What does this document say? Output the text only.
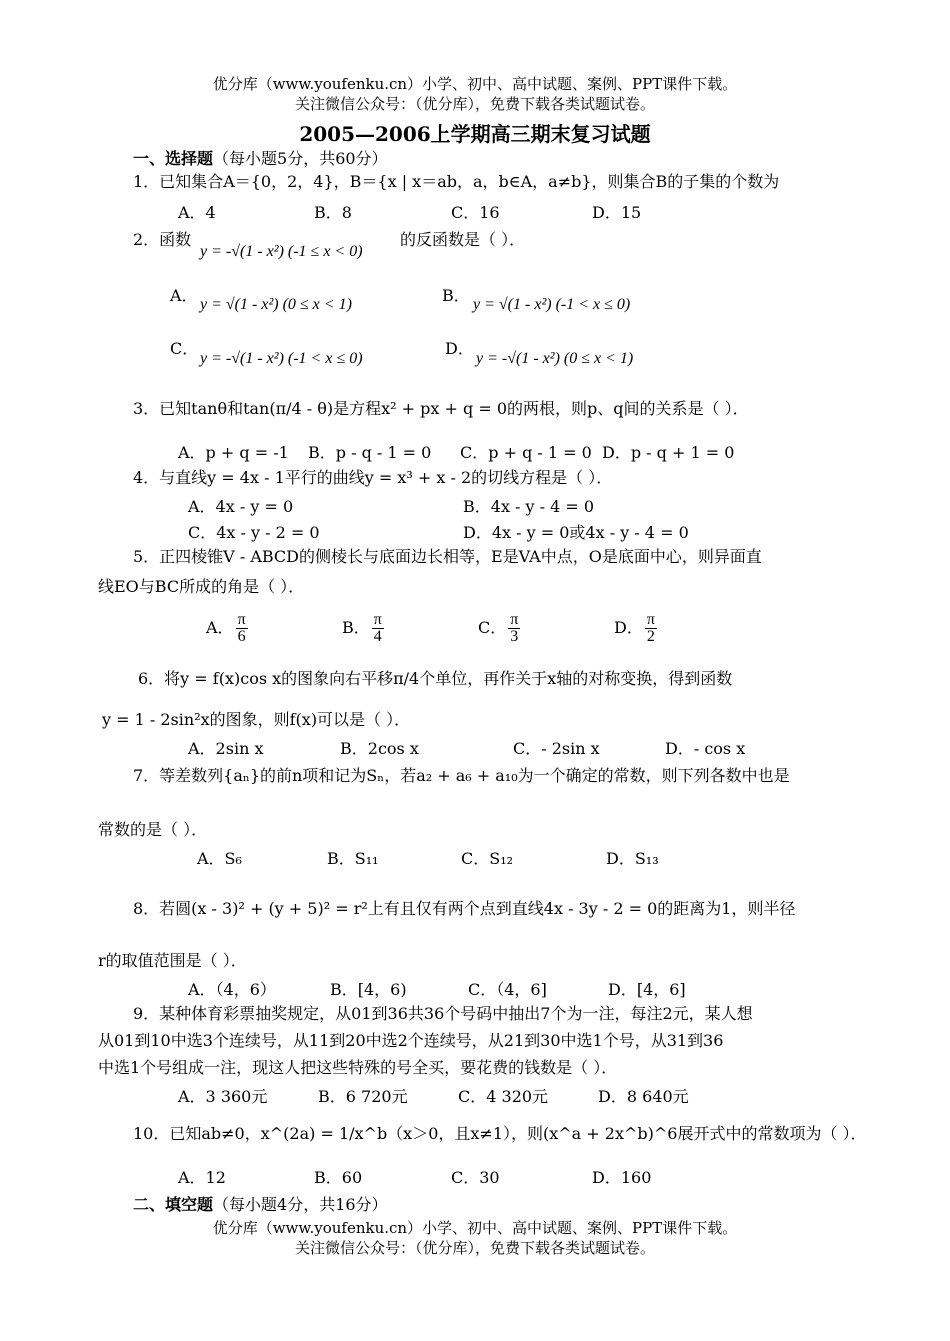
优分库（www.youfenku.cn）小学、初中、高中试题、案例、PPT课件下载。
关注微信公众号：（优分库），免费下载各类试题试卷。
2005—2006上学期高三期末复习试题
一、选择题（每小题5分，共60分）
1．已知集合A＝{0，2，4}，B＝{x | x＝ab，a，b∈A，a≠b}，则集合B的子集的个数为
A．4	B．8	C．16	D．15
2．函数
y = -√(1 - x²) (-1 ≤ x < 0)
的反函数是（ ）．
A． y = √(1 - x²) (0 ≤ x < 1)	B． y = √(1 - x²) (-1 < x ≤ 0)
C．
y = -√(1 - x²) (-1 < x ≤ 0)
D．
y = -√(1 - x²) (0 ≤ x < 1)
3．已知tanθ和tan(π/4 - θ)是方程x² + px + q = 0的两根，则p、q间的关系是（ ）．
A．p + q = -1 B．p - q - 1 = 0 C．p + q - 1 = 0 D．p - q + 1 = 0
4．与直线y = 4x - 1平行的曲线y = x³ + x - 2的切线方程是（ ）．
A．4x - y = 0	B．4x - y - 4 = 0
C．4x - y - 2 = 0	D．4x - y = 0或4x - y - 4 = 0
5．正四棱锥V - ABCD的侧棱长与底面边长相等，E是VA中点，O是底面中心，则异面直
线EO与BC所成的角是（ ）．
A． $\frac{\pi}{6}$	B． $\frac{\pi}{4}$	C． $\frac{\pi}{3}$	D． $\frac{\pi}{2}$
6．将y = f(x)cos x的图象向右平移π/4个单位，再作关于x轴的对称变换，得到函数
y = 1 - 2sin²x的图象，则f(x)可以是（ ）．
A．2sin x	B．2cos x	C．- 2sin x	D．- cos x
7．等差数列{aₙ}的前n项和记为Sₙ，若a₂ + a₆ + a₁₀为一个确定的常数，则下列各数中也是
常数的是（ ）．
A．S₆	B．S₁₁	C．S₁₂	D．S₁₃
8．若圆(x - 3)² + (y + 5)² = r²上有且仅有两个点到直线4x - 3y - 2 = 0的距离为1，则半径
r的取值范围是（ ）．
A．（4，6）	B．[4，6)	C．（4，6]	D．[4，6]
9．某种体育彩票抽奖规定，从01到36共36个号码中抽出7个为一注，每注2元，某人想
从01到10中选3个连续号，从11到20中选2个连续号，从21到30中选1个号，从31到36
中选1个号组成一注，现这人把这些特殊的号全买，要花费的钱数是（ ）．
A．3 360元	B．6 720元	C．4 320元	D．8 640元
10．已知ab≠0，x^(2a) = 1/x^b（x＞0，且x≠1），则(x^a + 2x^b)^6展开式中的常数项为（ ）．
A．12	B．60	C．30	D．160
二、填空题（每小题4分，共16分）
优分库（www.youfenku.cn）小学、初中、高中试题、案例、PPT课件下载。
关注微信公众号：（优分库），免费下载各类试题试卷。
